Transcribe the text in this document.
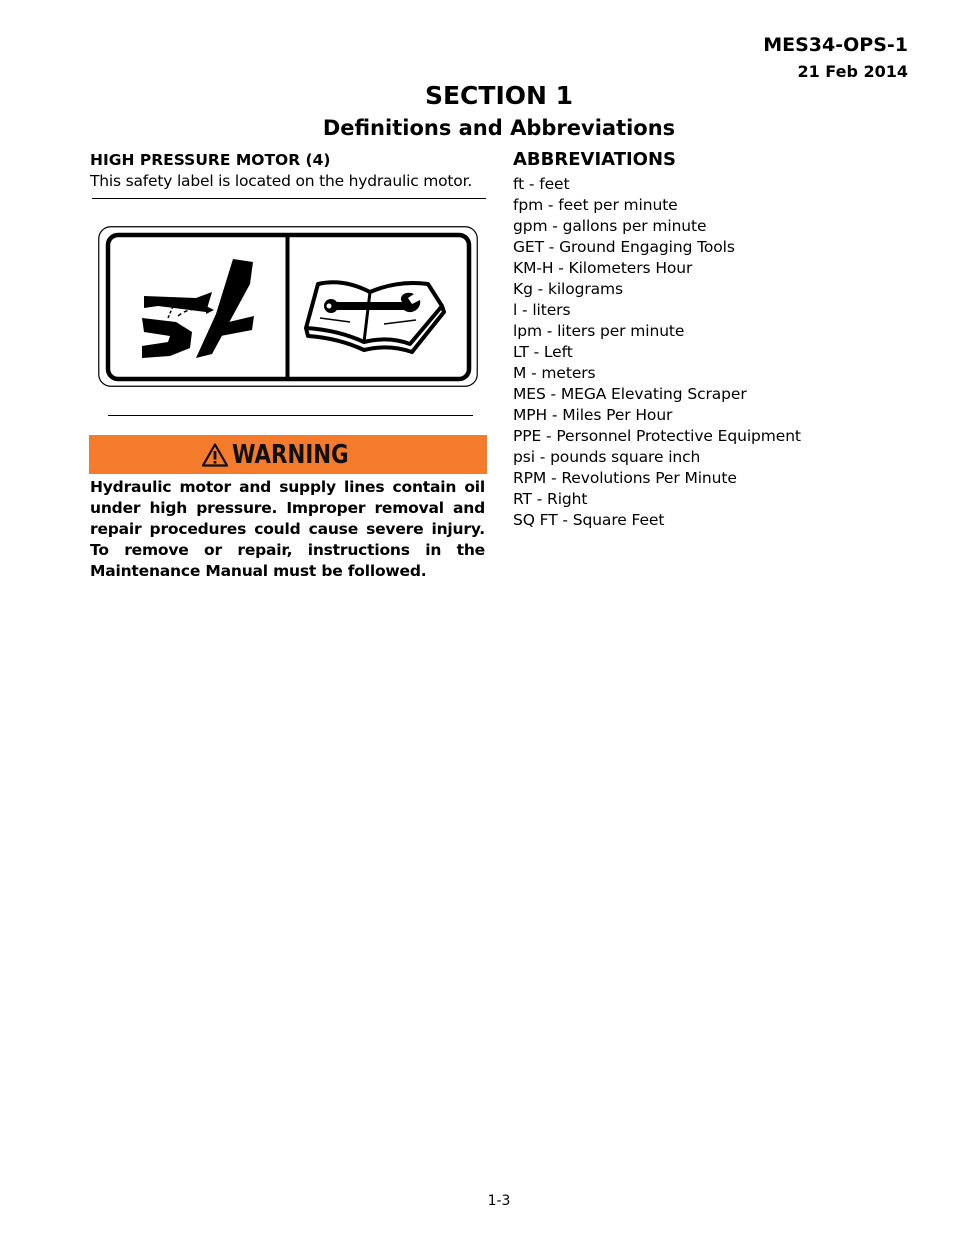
MES34-OPS-1
21 Feb 2014
SECTION 1
Definitions and Abbreviations
HIGH PRESSURE MOTOR (4)
This safety label is located on the hydraulic motor.
WARNING
Hydraulic motor and supply lines contain oil under high pressure. Improper removal and repair procedures could cause severe injury. To remove or repair, instructions in the Maintenance Manual must be followed.
ABBREVIATIONS
ft - feet
fpm - feet per minute
gpm - gallons per minute
GET - Ground Engaging Tools
KM-H - Kilometers Hour
Kg - kilograms
l - liters
lpm - liters per minute
LT - Left
M - meters
MES - MEGA Elevating Scraper
MPH - Miles Per Hour
PPE - Personnel Protective Equipment
psi - pounds square inch
RPM - Revolutions Per Minute
RT - Right
SQ FT - Square Feet
1-3
